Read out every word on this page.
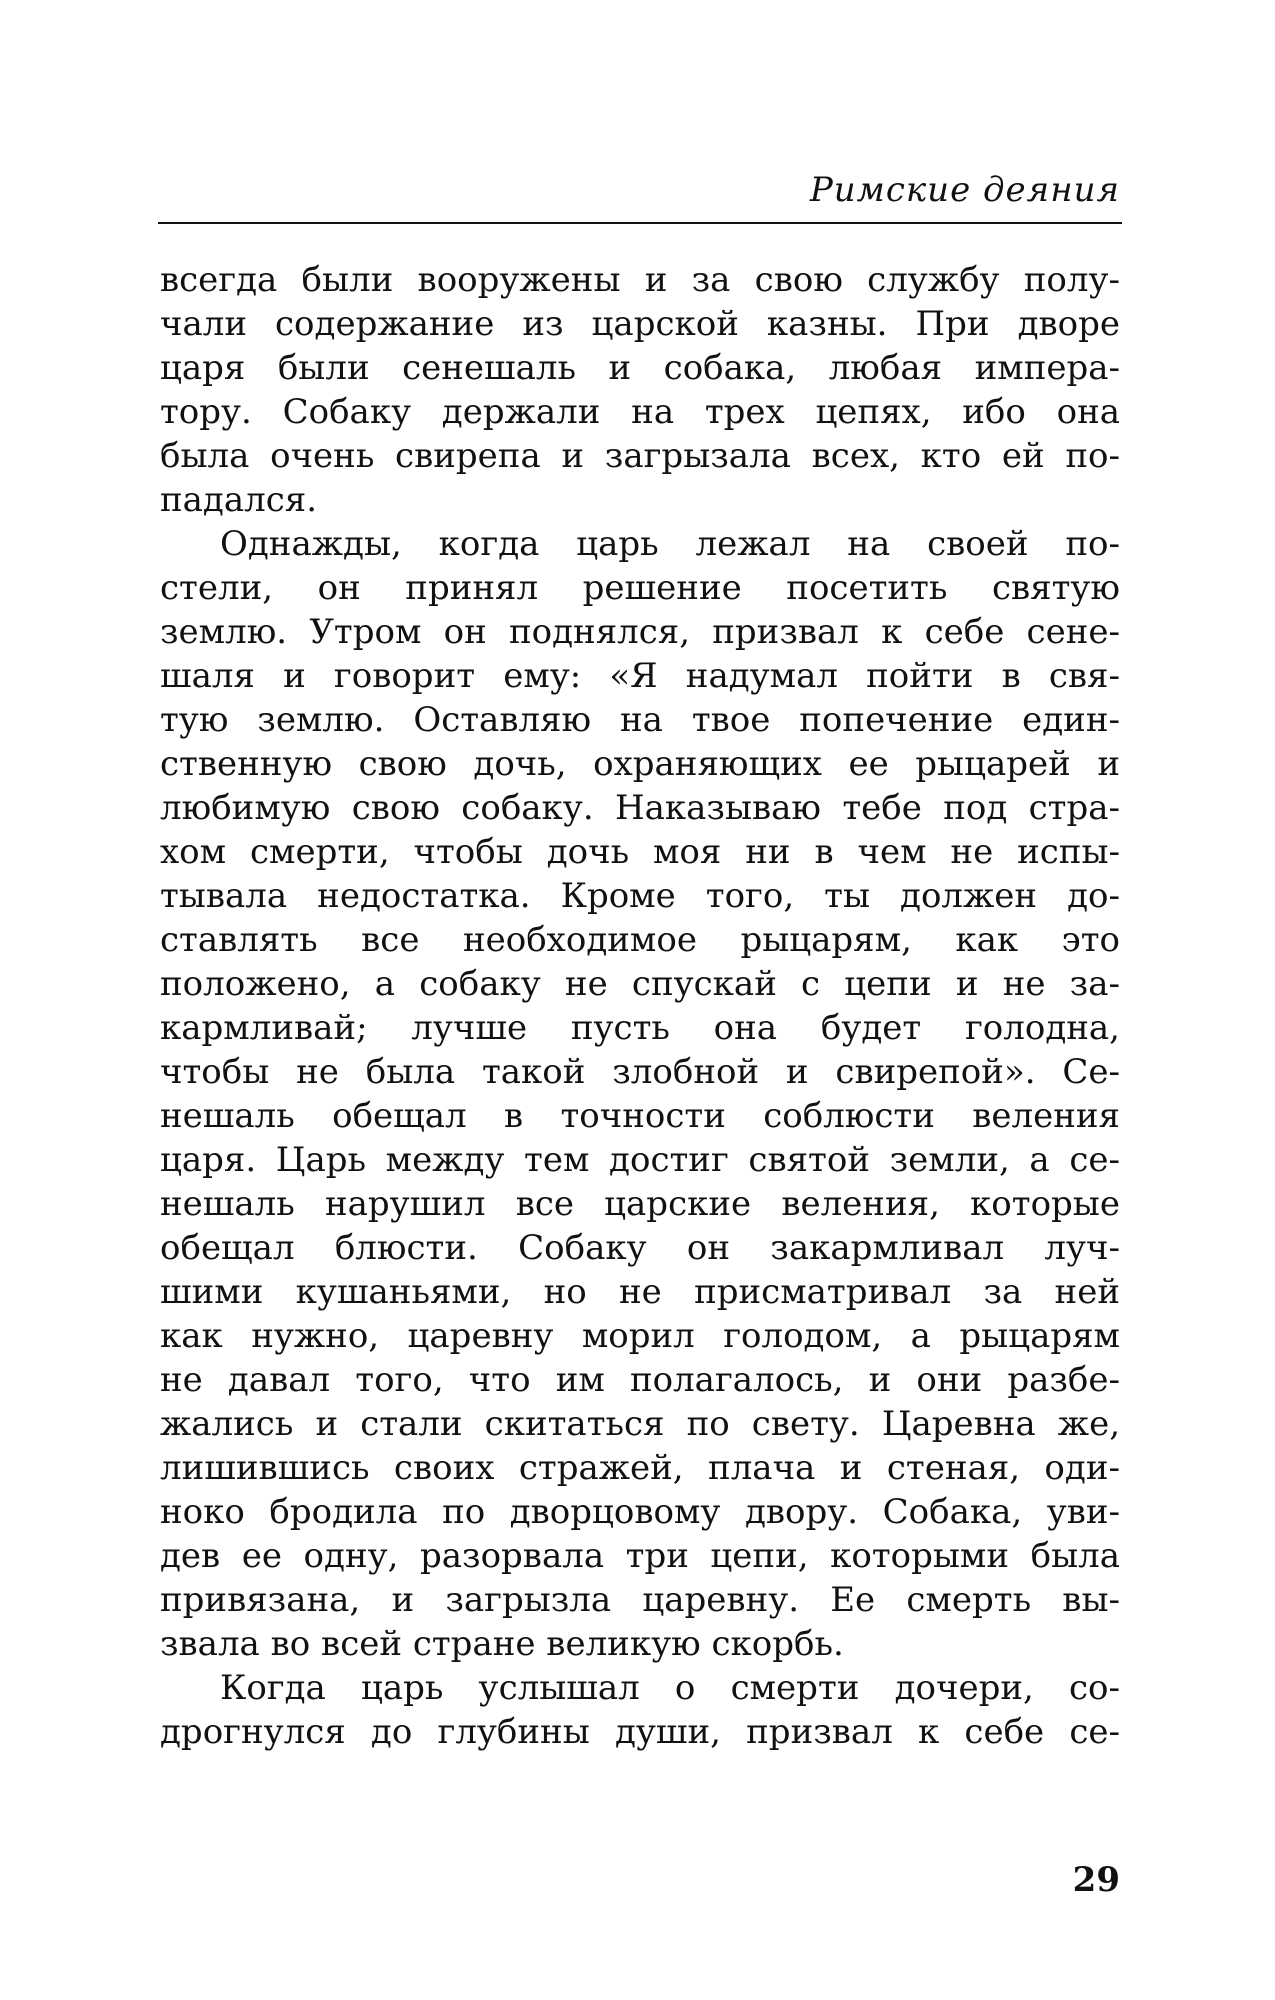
Римские деяния
всегда были вооружены и за свою службу полу-
чали содержание из царской казны. При дворе
царя были сенешаль и собака, любая импера-
тору. Собаку держали на трех цепях, ибо она
была очень свирепа и загрызала всех, кто ей по-
падался.
Однажды, когда царь лежал на своей по-
стели, он принял решение посетить святую
землю. Утром он поднялся, призвал к себе сене-
шаля и говорит ему: «Я надумал пойти в свя-
тую землю. Оставляю на твое попечение един-
ственную свою дочь, охраняющих ее рыцарей и
любимую свою собаку. Наказываю тебе под стра-
хом смерти, чтобы дочь моя ни в чем не испы-
тывала недостатка. Кроме того, ты должен до-
ставлять все необходимое рыцарям, как это
положено, а собаку не спускай с цепи и не за-
кармливай; лучше пусть она будет голодна,
чтобы не была такой злобной и свирепой». Се-
нешаль обещал в точности соблюсти веления
царя. Царь между тем достиг святой земли, а се-
нешаль нарушил все царские веления, которые
обещал блюсти. Собаку он закармливал луч-
шими кушаньями, но не присматривал за ней
как нужно, царевну морил голодом, а рыцарям
не давал того, что им полагалось, и они разбе-
жались и стали скитаться по свету. Царевна же,
лишившись своих стражей, плача и стеная, оди-
ноко бродила по дворцовому двору. Собака, уви-
дев ее одну, разорвала три цепи, которыми была
привязана, и загрызла царевну. Ее смерть вы-
звала во всей стране великую скорбь.
Когда царь услышал о смерти дочери, со-
дрогнулся до глубины души, призвал к себе се-
29
